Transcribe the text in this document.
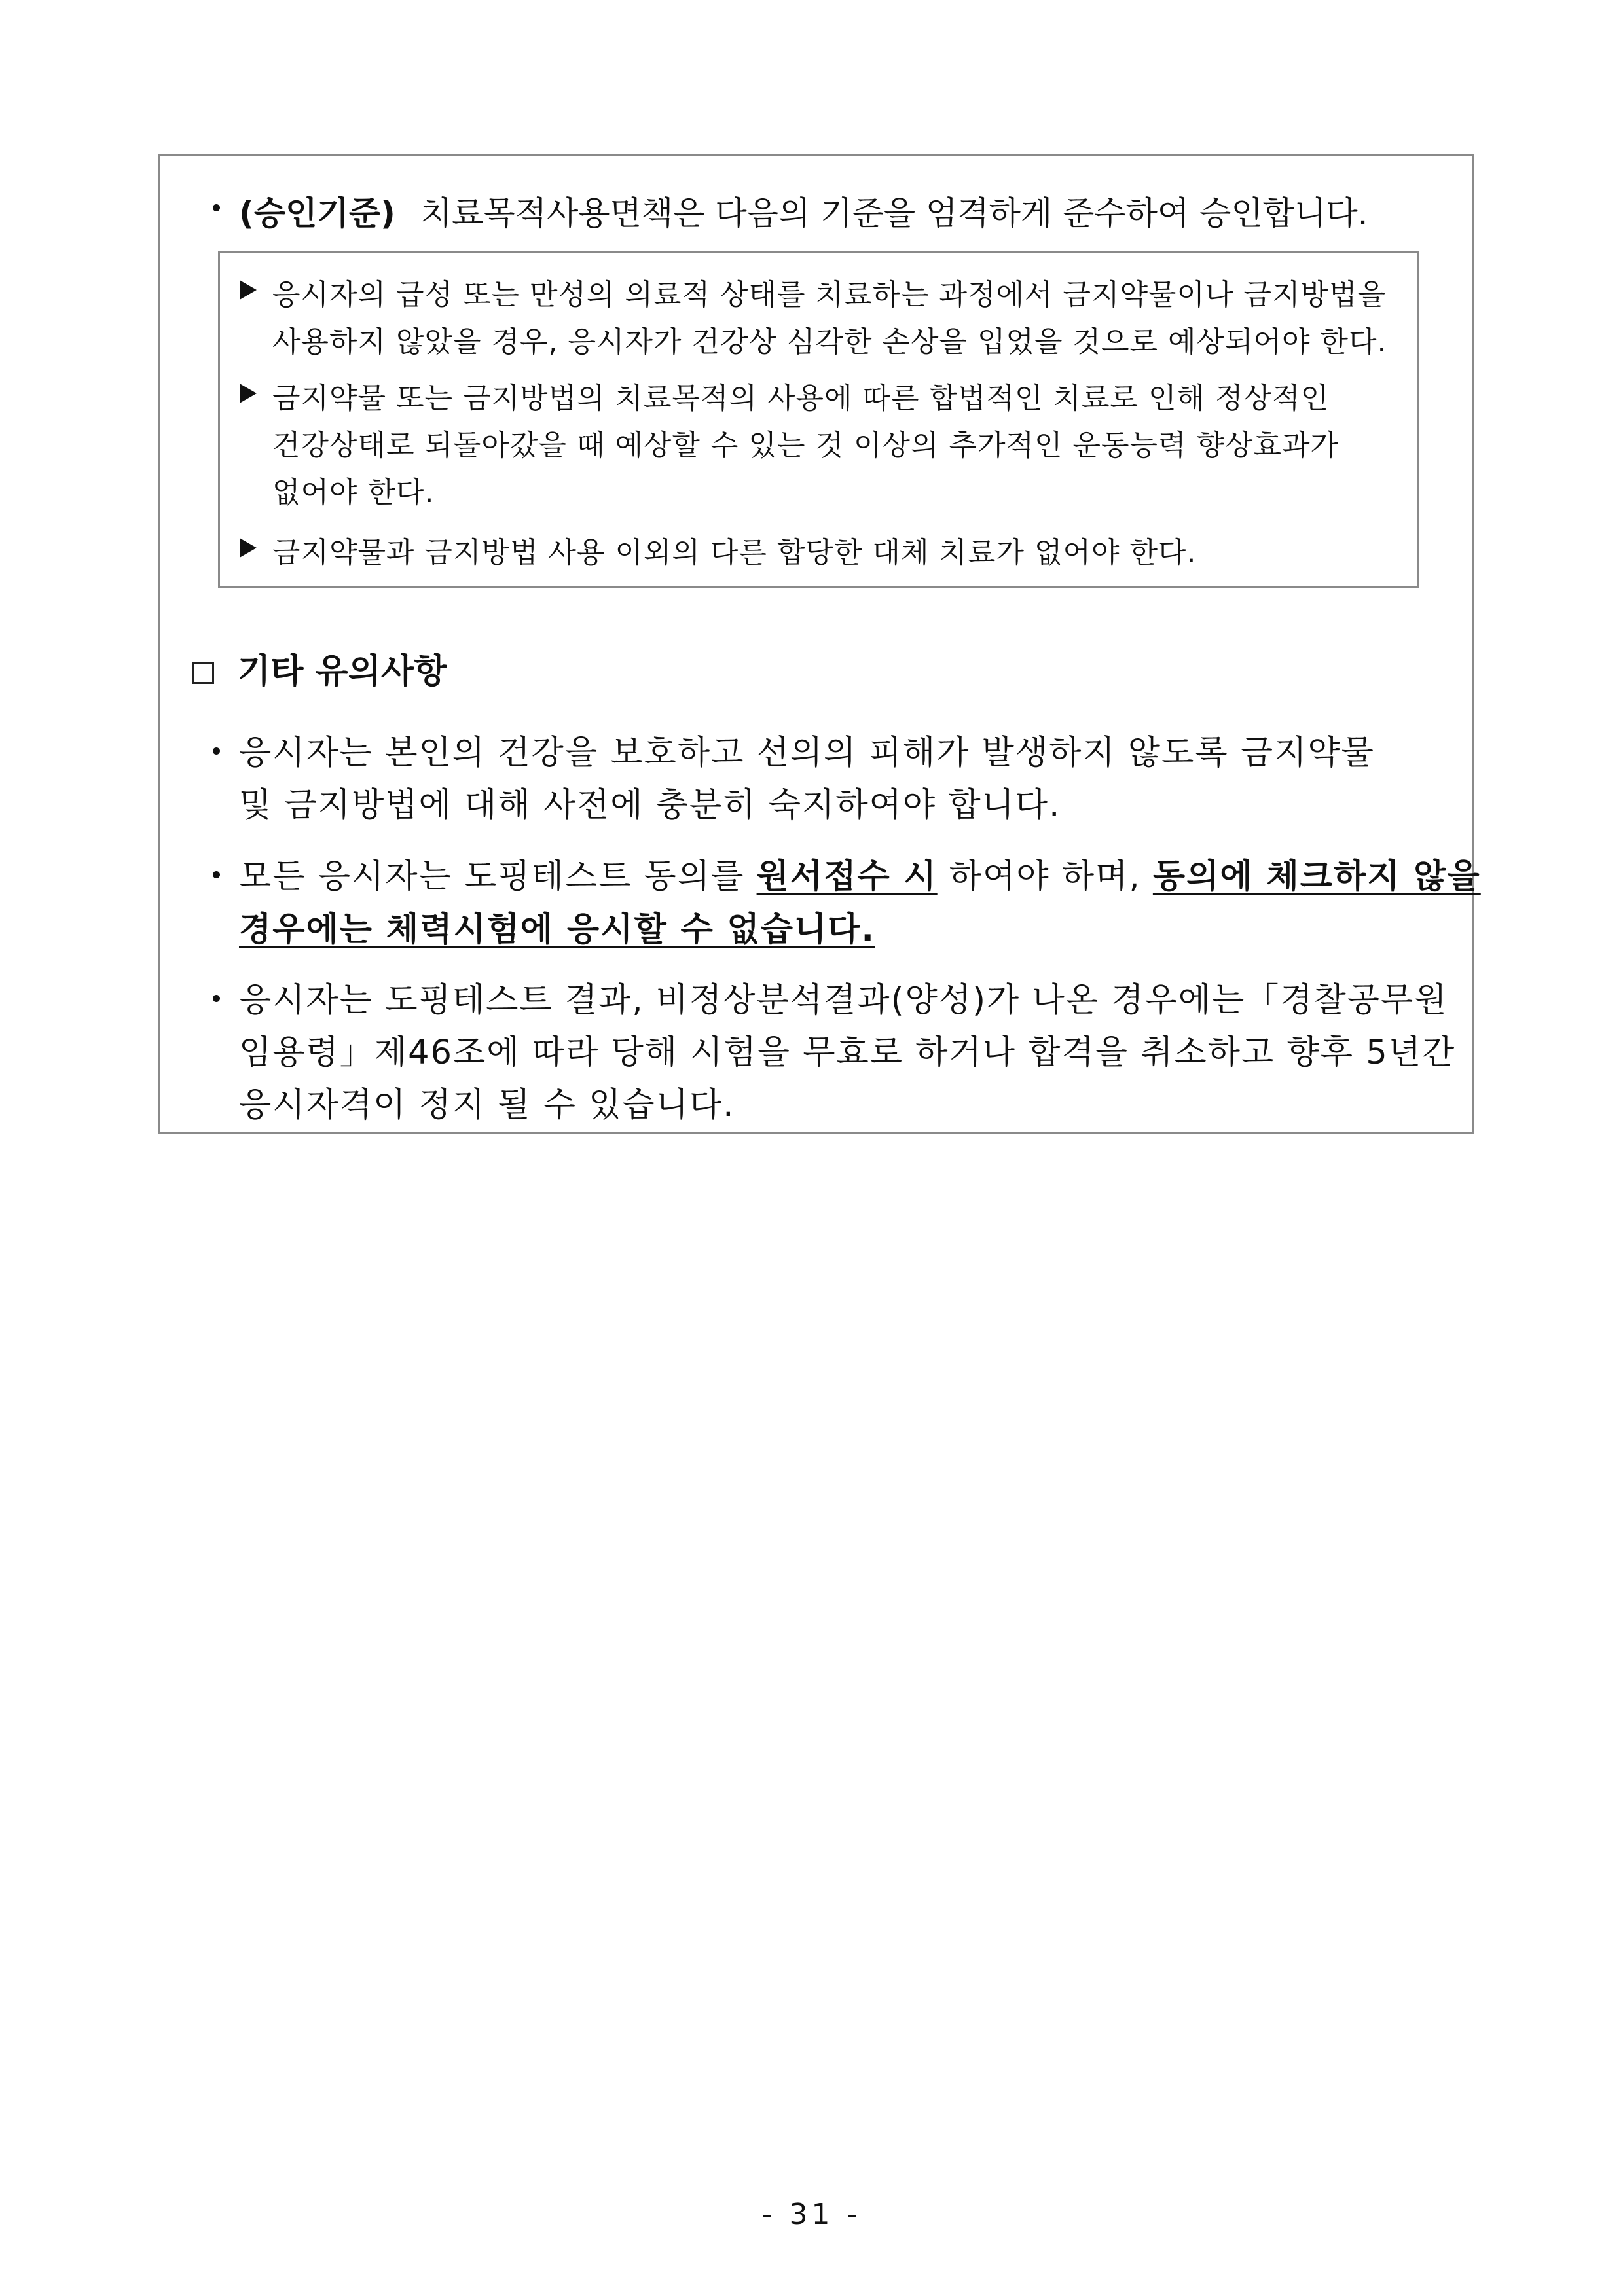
(승인기준) 치료목적사용면책은 다음의 기준을 엄격하게 준수하여 승인합니다.
응시자의 급성 또는 만성의 의료적 상태를 치료하는 과정에서 금지약물이나 금지방법을
사용하지 않았을 경우, 응시자가 건강상 심각한 손상을 입었을 것으로 예상되어야 한다.
금지약물 또는 금지방법의 치료목적의 사용에 따른 합법적인 치료로 인해 정상적인
건강상태로 되돌아갔을 때 예상할 수 있는 것 이상의 추가적인 운동능력 향상효과가
없어야 한다.
금지약물과 금지방법 사용 이외의 다른 합당한 대체 치료가 없어야 한다.
기타 유의사항
응시자는 본인의 건강을 보호하고 선의의 피해가 발생하지 않도록 금지약물
및 금지방법에 대해 사전에 충분히 숙지하여야 합니다.
모든 응시자는 도핑테스트 동의를 원서접수 시 하여야 하며, 동의에 체크하지 않을
경우에는 체력시험에 응시할 수 없습니다.
응시자는 도핑테스트 결과, 비정상분석결과(양성)가 나온 경우에는「경찰공무원
임용령」제46조에 따라 당해 시험을 무효로 하거나 합격을 취소하고 향후 5년간
응시자격이 정지 될 수 있습니다.
- 31 -
